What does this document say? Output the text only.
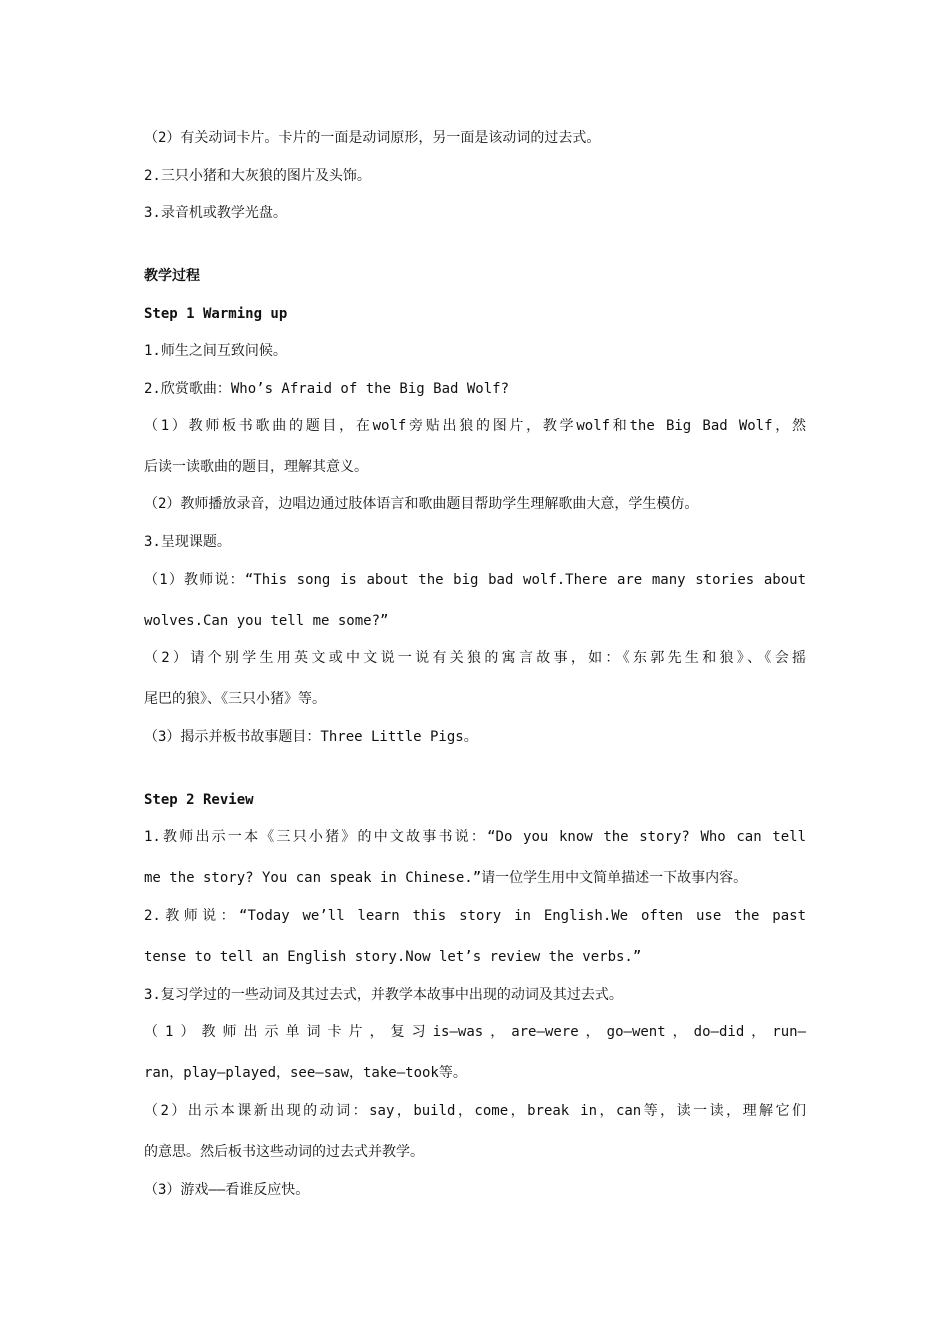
（2）有关动词卡片。卡片的一面是动词原形，另一面是该动词的过去式。
2.三只小猪和大灰狼的图片及头饰。
3.录音机或教学光盘。
教学过程
Step 1 Warming up
1.师生之间互致问候。
2.欣赏歌曲：Who’s Afraid of the Big Bad Wolf?
（1）教师板书歌曲的题目，在wolf旁贴出狼的图片，教学wolf和the Big Bad Wolf，然
后读一读歌曲的题目，理解其意义。
（2）教师播放录音，边唱边通过肢体语言和歌曲题目帮助学生理解歌曲大意，学生模仿。
3.呈现课题。
（1）教师说：“This song is about the big bad wolf.There are many stories about
wolves.Can you tell me some?”
（2）请个别学生用英文或中文说一说有关狼的寓言故事，如：《东郭先生和狼》、《会摇
尾巴的狼》、《三只小猪》等。
（3）揭示并板书故事题目：Three Little Pigs。
Step 2 Review
1.教师出示一本《三只小猪》的中文故事书说：“Do you know the story? Who can tell
me the story? You can speak in Chinese.”请一位学生用中文简单描述一下故事内容。
2.教师说：“Today we’ll learn this story in English.We often use the past
tense to tell an English story.Now let’s review the verbs.”
3.复习学过的一些动词及其过去式，并教学本故事中出现的动词及其过去式。
（1）教师出示单词卡片，复习is—was，are—were，go—went，do—did，run—
ran，play—played，see—saw，take—took等。
（2）出示本课新出现的动词：say，build，come，break in，can等，读一读，理解它们
的意思。然后板书这些动词的过去式并教学。
（3）游戏——看谁反应快。
